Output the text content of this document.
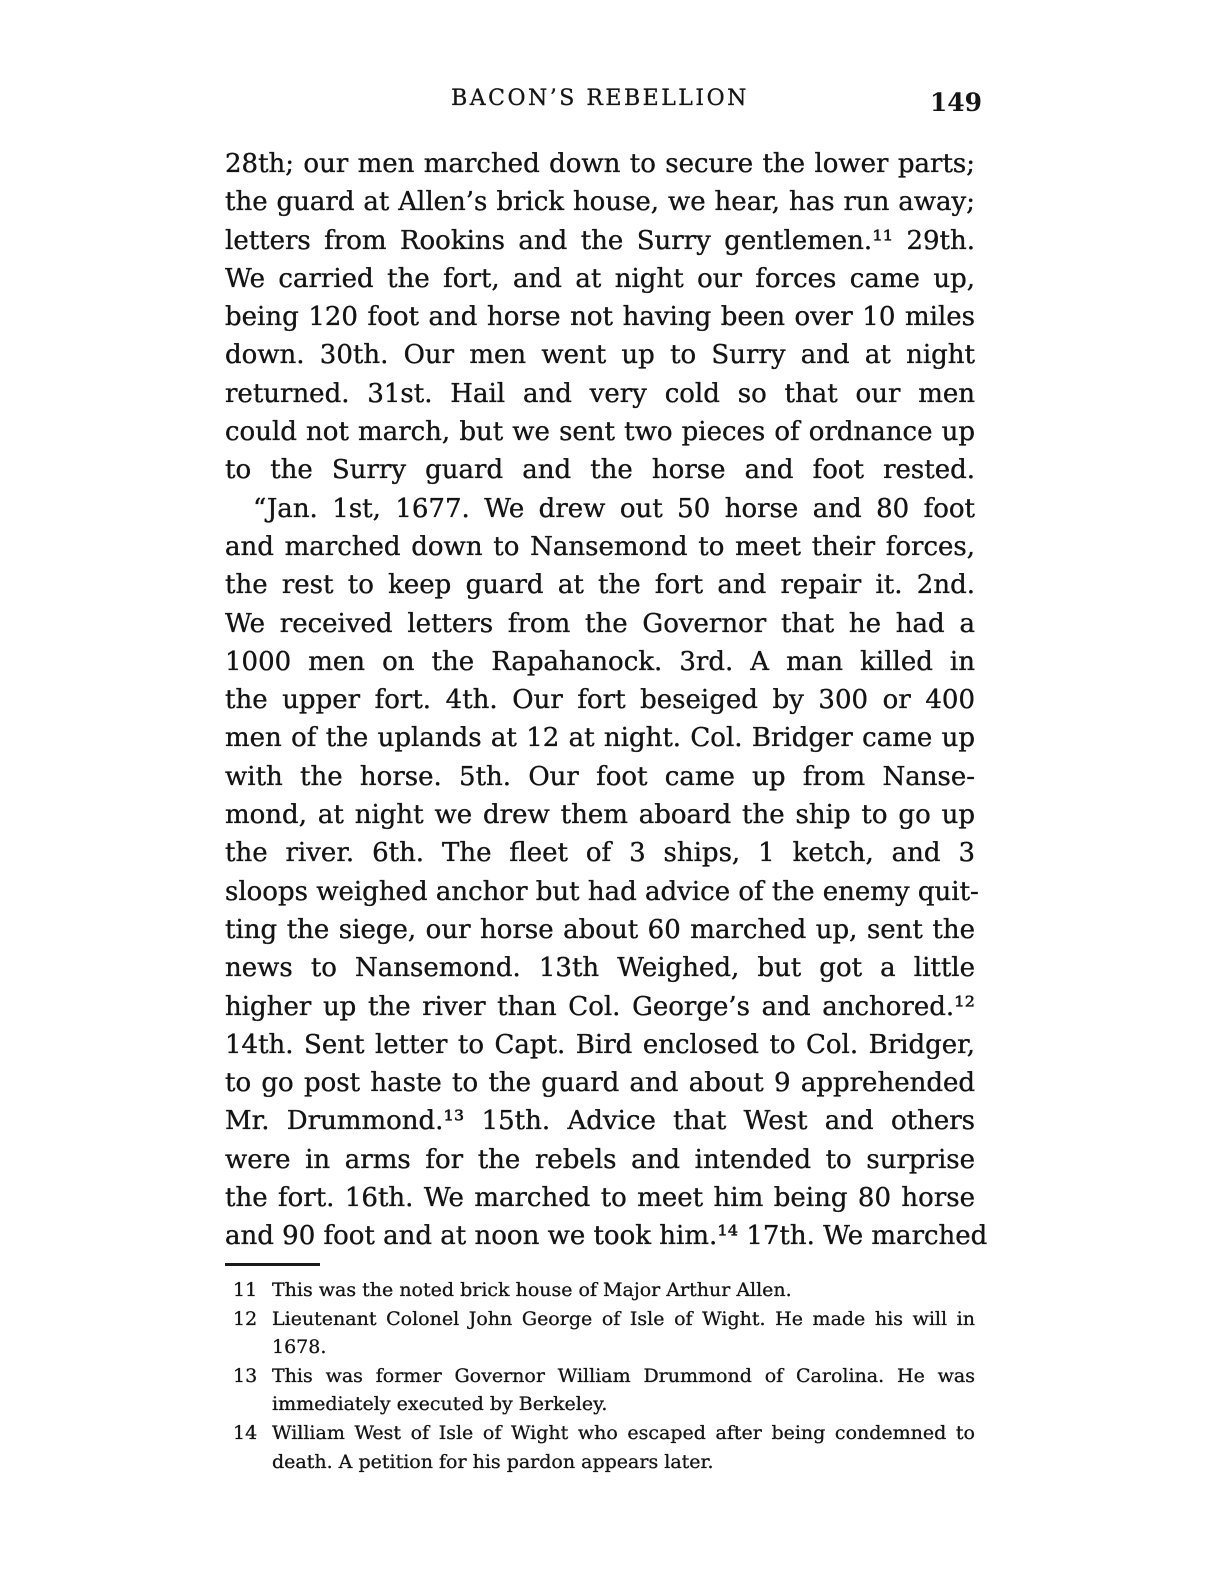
BACON’S REBELLION	149
28th; our men marched down to secure the lower parts;
the guard at Allen’s brick house, we hear, has run away;
letters from Rookins and the Surry gentlemen.¹¹ 29th.
We carried the fort, and at night our forces came up,
being 120 foot and horse not having been over 10 miles
down. 30th. Our men went up to Surry and at night
returned. 31st. Hail and very cold so that our men
could not march, but we sent two pieces of ordnance up
to the Surry guard and the horse and foot rested.
“Jan. 1st, 1677. We drew out 50 horse and 80 foot
and marched down to Nansemond to meet their forces,
the rest to keep guard at the fort and repair it. 2nd.
We received letters from the Governor that he had a
1000 men on the Rapahanock. 3rd. A man killed in
the upper fort. 4th. Our fort beseiged by 300 or 400
men of the uplands at 12 at night. Col. Bridger came up
with the horse. 5th. Our foot came up from Nanse-
mond, at night we drew them aboard the ship to go up
the river. 6th. The fleet of 3 ships, 1 ketch, and 3
sloops weighed anchor but had advice of the enemy quit-
ting the siege, our horse about 60 marched up, sent the
news to Nansemond. 13th Weighed, but got a little
higher up the river than Col. George’s and anchored.¹²
14th. Sent letter to Capt. Bird enclosed to Col. Bridger,
to go post haste to the guard and about 9 apprehended
Mr. Drummond.¹³ 15th. Advice that West and others
were in arms for the rebels and intended to surprise
the fort. 16th. We marched to meet him being 80 horse
and 90 foot and at noon we took him.¹⁴ 17th. We marched
11 This was the noted brick house of Major Arthur Allen.
12 Lieutenant Colonel John George of Isle of Wight. He made his will in
1678.
13 This was former Governor William Drummond of Carolina. He was
immediately executed by Berkeley.
14 William West of Isle of Wight who escaped after being condemned to
death. A petition for his pardon appears later.
